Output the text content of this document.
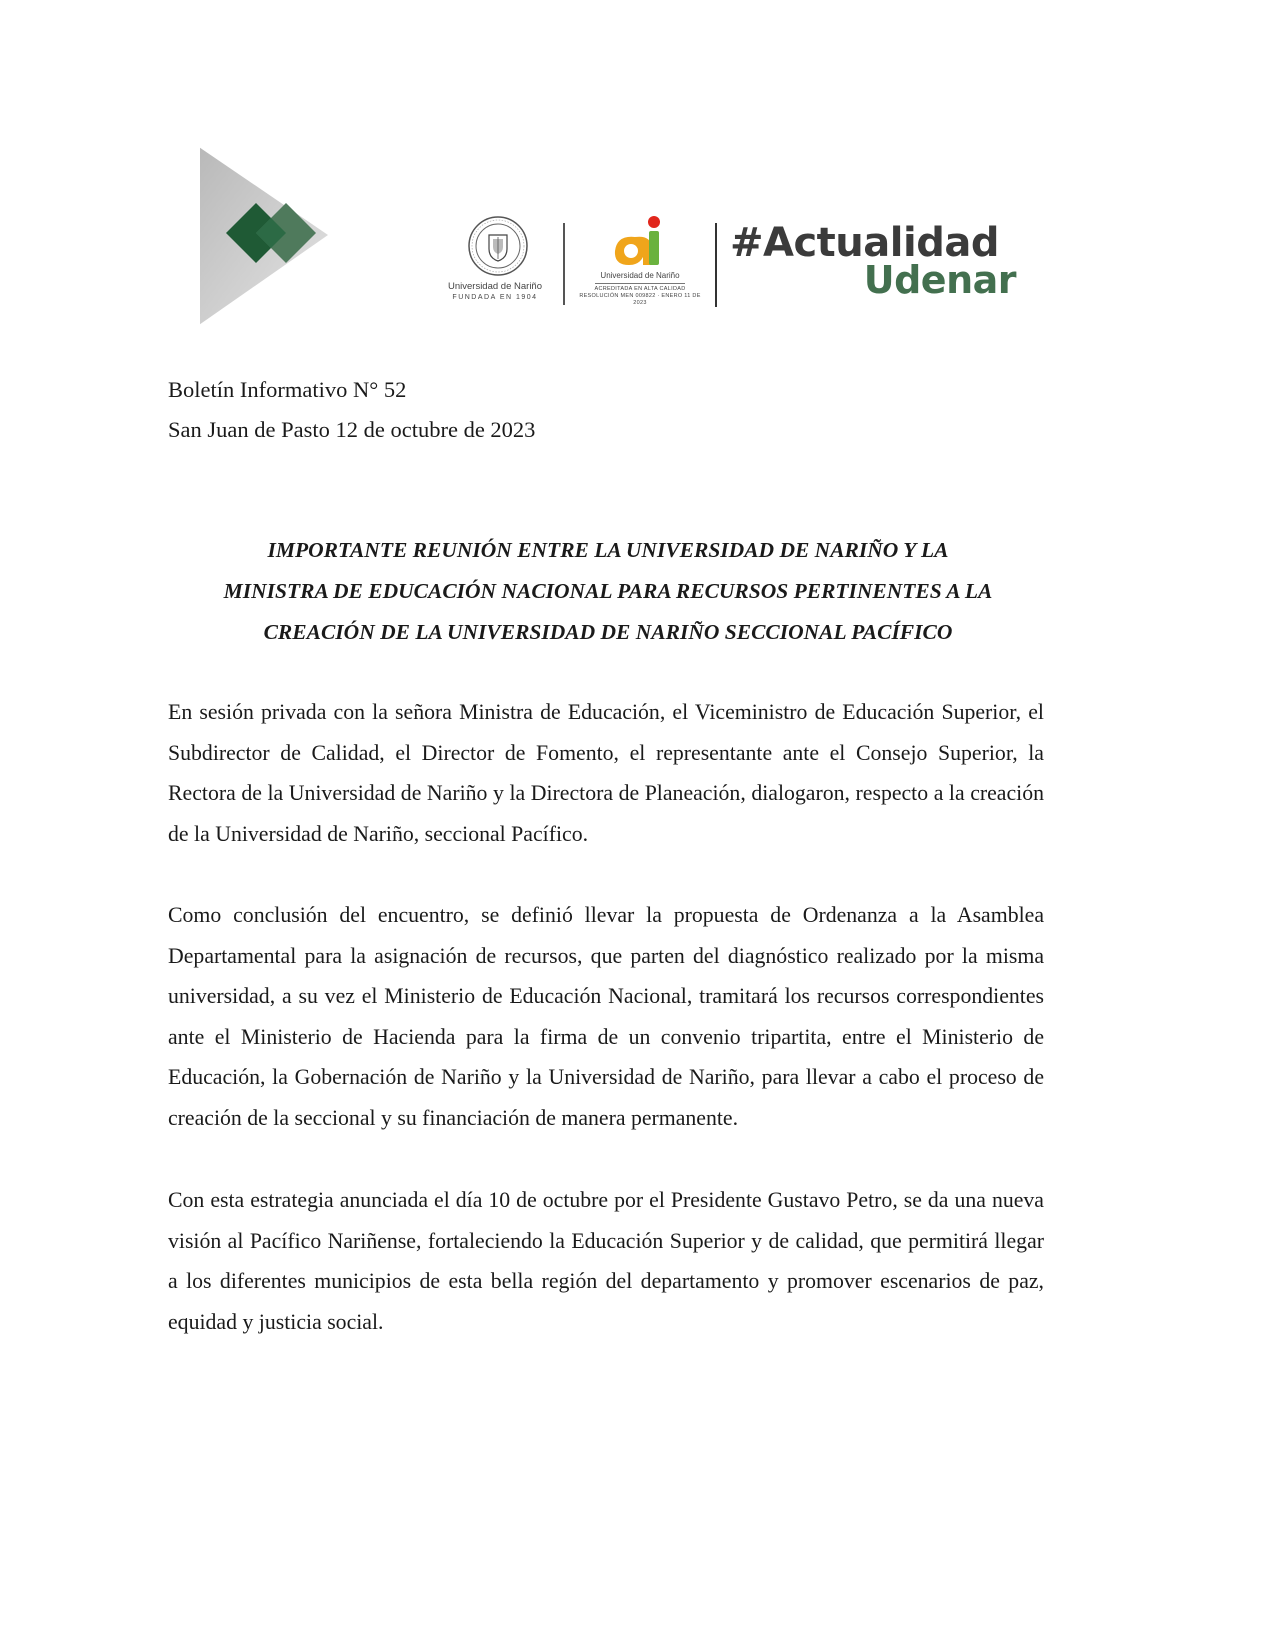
Universidad de Nariño
FUNDADA EN 1904
Universidad de Nariño
ACREDITADA EN ALTA CALIDAD
RESOLUCIÓN MEN 009822 · ENERO 11 DE 2023
#Actualidad
Udenar
Boletín Informativo N° 52
San Juan de Pasto 12 de octubre de 2023
IMPORTANTE REUNIÓN ENTRE LA UNIVERSIDAD DE NARIÑO Y LA
MINISTRA DE EDUCACIÓN NACIONAL PARA RECURSOS PERTINENTES A LA
CREACIÓN DE LA UNIVERSIDAD DE NARIÑO SECCIONAL PACÍFICO

En sesión privada con la señora Ministra de Educación, el Viceministro de Educación Superior, el Subdirector de Calidad, el Director de Fomento, el representante ante el Consejo Superior, la Rectora de la Universidad de Nariño y la Directora de Planeación, dialogaron, respecto a la creación de la Universidad de Nariño, seccional Pacífico.

Como conclusión del encuentro, se definió llevar la propuesta de Ordenanza a la Asamblea Departamental para la asignación de recursos, que parten del diagnóstico realizado por la misma universidad, a su vez el Ministerio de Educación Nacional, tramitará los recursos correspondientes ante el Ministerio de Hacienda para la firma de un convenio tripartita, entre el Ministerio de Educación, la Gobernación de Nariño y la Universidad de Nariño, para llevar a cabo el proceso de creación de la seccional y su financiación de manera permanente.

Con esta estrategia anunciada el día 10 de octubre por el Presidente Gustavo Petro, se da una nueva visión al Pacífico Nariñense, fortaleciendo la Educación Superior y de calidad, que permitirá llegar a los diferentes municipios de esta bella región del departamento y promover escenarios de paz, equidad y justicia social.
